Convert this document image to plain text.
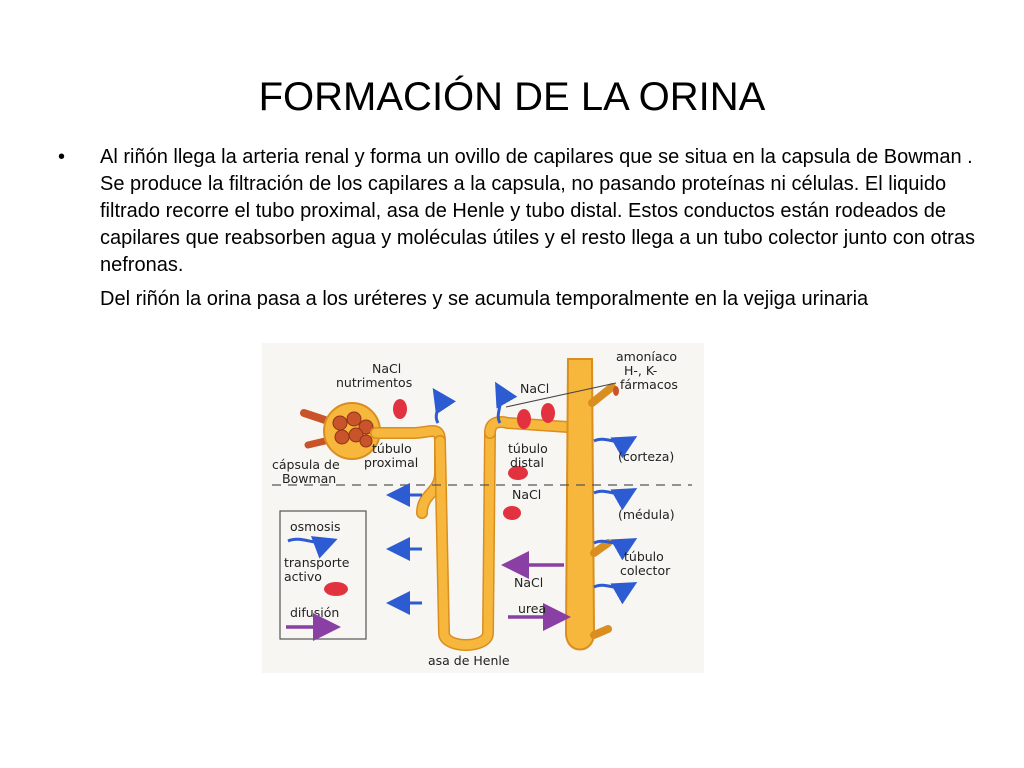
FORMACIÓN DE LA ORINA
• Al riñón llega la arteria renal y forma un ovillo de capilares que se situa en la capsula de Bowman . Se produce la filtración de los capilares a la capsula, no pasando proteínas ni células. El liquido filtrado recorre el tubo proximal, asa de Henle y tubo distal. Estos conductos están rodeados de capilares que reabsorben agua y moléculas útiles y el resto llega a un tubo colector junto con otras nefronas.

Del riñón la orina pasa a los uréteres y se acumula temporalmente en la vejiga urinaria

NaCl
nutrimentos	NaCl
amoníaco
H-, K-
fármacos
túbulo
proximal
túbulo
distal	(corteza)
cápsula de
Bowman
NaCl
(médula)
túbulo
colector
NaCl
urea
asa de Henle
osmosis
transporte
activo
difusión
